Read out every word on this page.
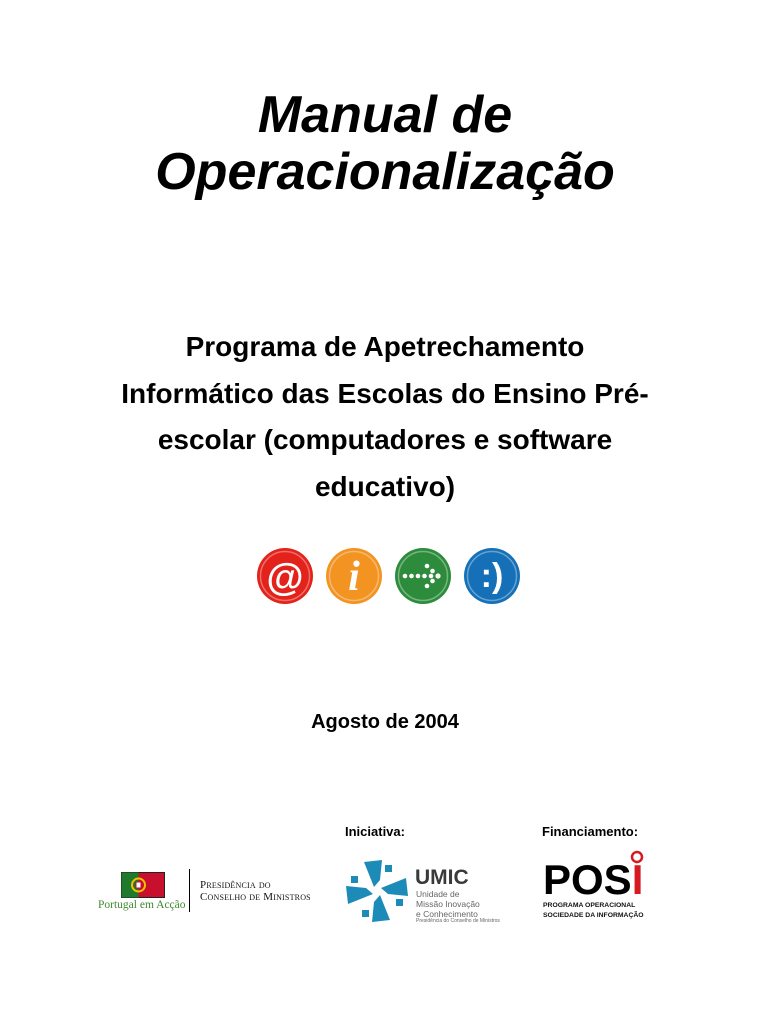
Manual de
Operacionalização
Programa de Apetrechamento
Informático das Escolas do Ensino Pré-
escolar (computadores e software
educativo)
@ i	:)
Agosto de 2004
Iniciativa:	Financiamento:
Portugal em Acção
Presidência do
Conselho de Ministros
UMIC
Unidade de
Missão Inovação
e Conhecimento
Presidência do Conselho de Ministros
POSI
PROGRAMA OPERACIONAL
SOCIEDADE DA INFORMAÇÃO
